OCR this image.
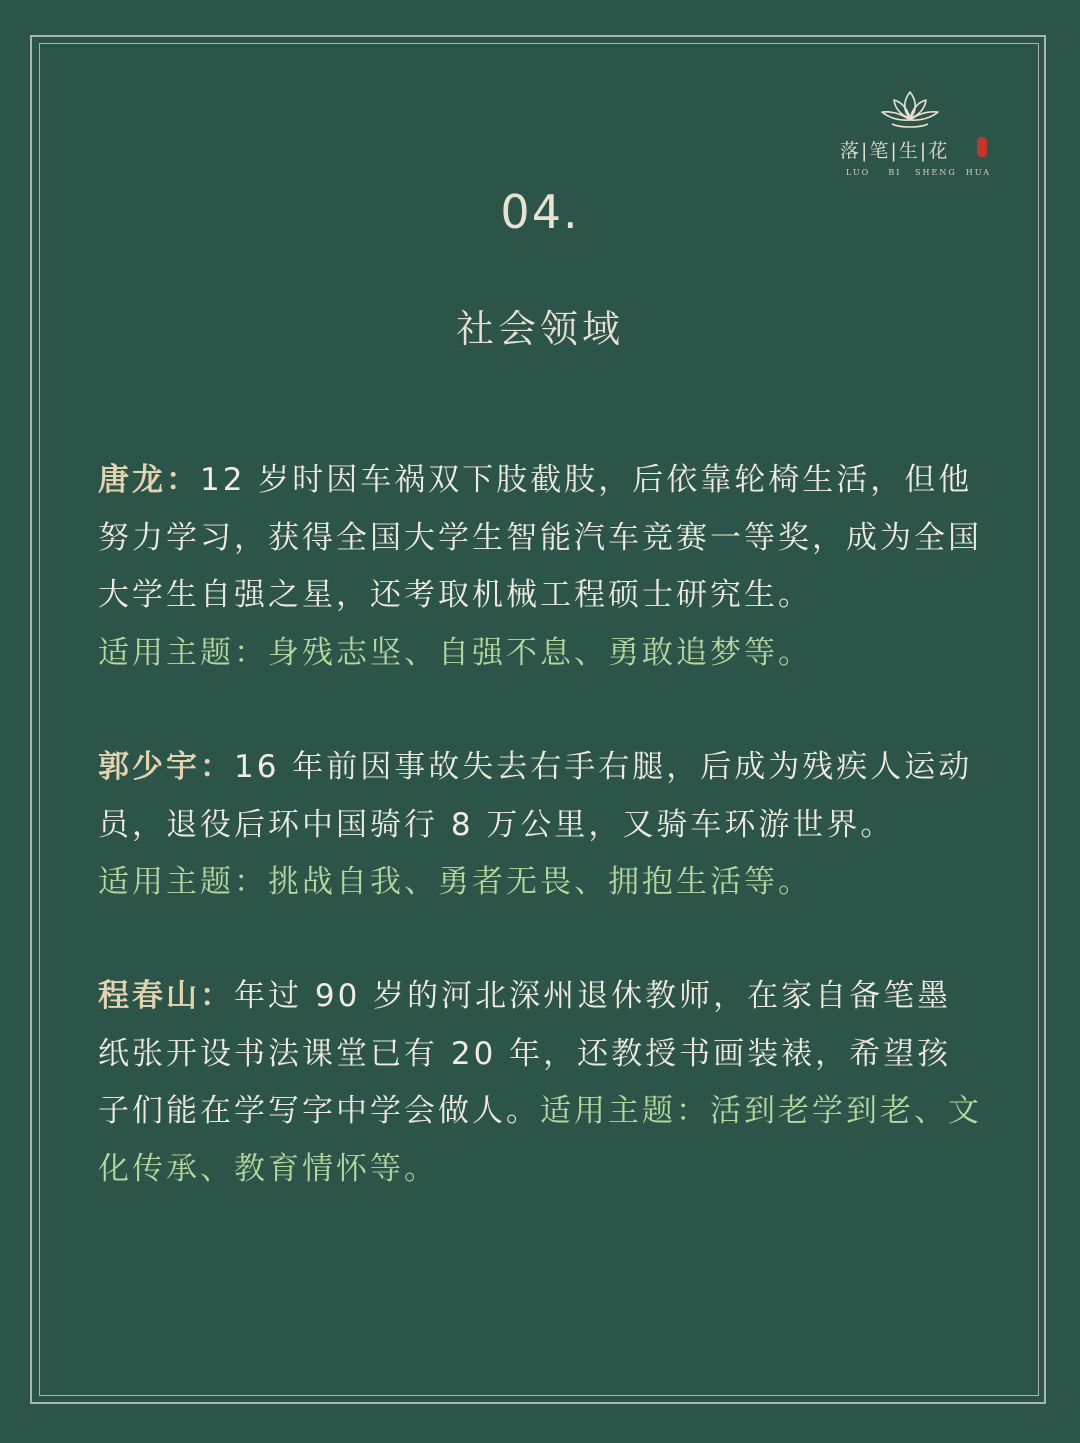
落|笔|生|花
LUO    BI   SHENG  HUA
04.
社会领域
唐龙：12 岁时因车祸双下肢截肢，后依靠轮椅生活，但他努力学习，获得全国大学生智能汽车竞赛一等奖，成为全国大学生自强之星，还考取机械工程硕士研究生。
适用主题：身残志坚、自强不息、勇敢追梦等。
郭少宇：16 年前因事故失去右手右腿，后成为残疾人运动员，退役后环中国骑行 8 万公里，又骑车环游世界。
适用主题：挑战自我、勇者无畏、拥抱生活等。
程春山：年过 90 岁的河北深州退休教师，在家自备笔墨纸张开设书法课堂已有 20 年，还教授书画装裱，希望孩子们能在学写字中学会做人。适用主题：活到老学到老、文化传承、教育情怀等。
